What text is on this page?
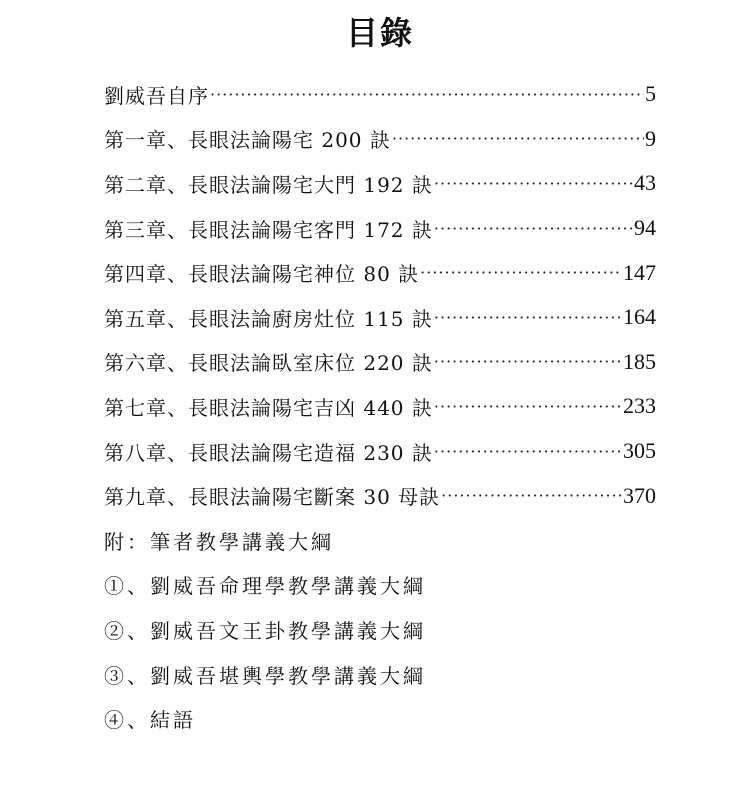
目錄
劉威吾自序 ·····	5
第一章、長眼法論陽宅 200 訣 ·····	9
第二章、長眼法論陽宅大門 192 訣 ·····	43
第三章、長眼法論陽宅客門 172 訣 ·····	94
第四章、長眼法論陽宅神位 80 訣 ·····	147
第五章、長眼法論廚房灶位 115 訣 ·····	164
第六章、長眼法論臥室床位 220 訣 ·····	185
第七章、長眼法論陽宅吉凶 440 訣 ·····	233
第八章、長眼法論陽宅造福 230 訣 ·····	305
第九章、長眼法論陽宅斷案 30 母訣 ·····	370
附：筆者教學講義大綱
①、劉威吾命理學教學講義大綱
②、劉威吾文王卦教學講義大綱
③、劉威吾堪輿學教學講義大綱
④、結語
